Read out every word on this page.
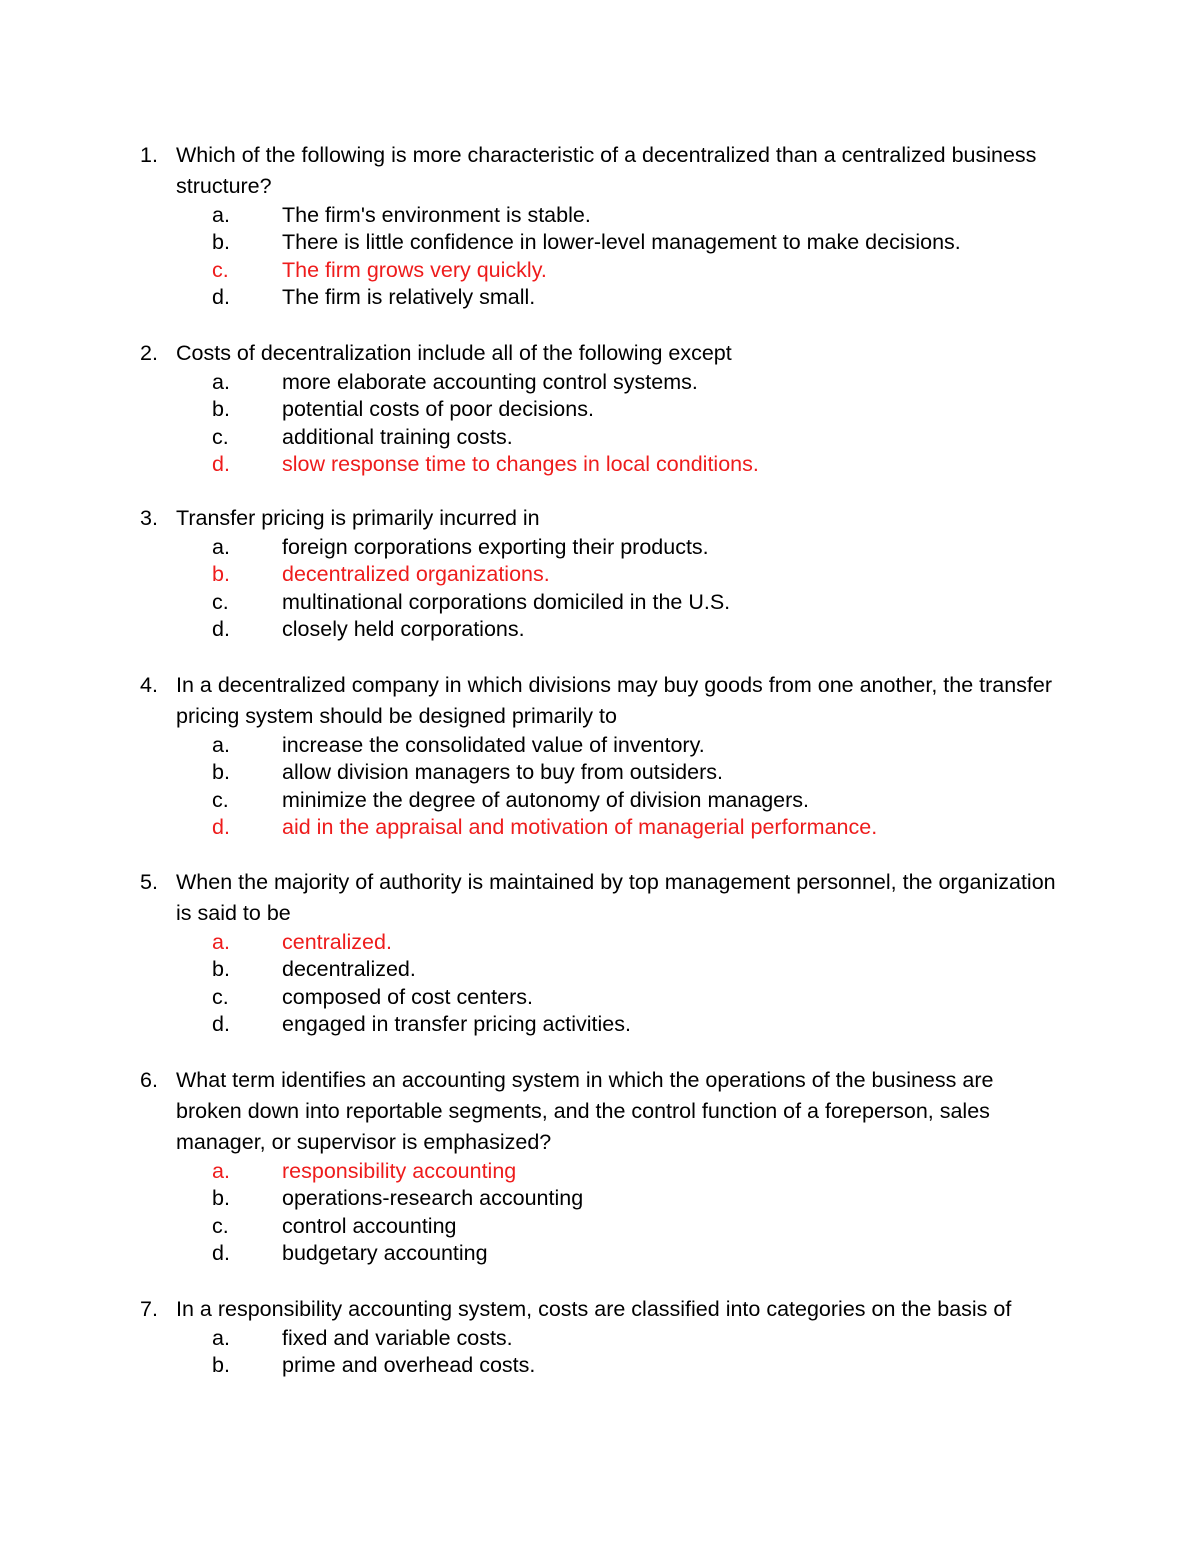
1. Which of the following is more characteristic of a decentralized than a centralized business structure?
a.	The firm's environment is stable.
b.	There is little confidence in lower-level management to make decisions.
c.	The firm grows very quickly.
d.	The firm is relatively small.
2. Costs of decentralization include all of the following except
a.	more elaborate accounting control systems.
b.	potential costs of poor decisions.
c.	additional training costs.
d.	slow response time to changes in local conditions.
3. Transfer pricing is primarily incurred in
a.	foreign corporations exporting their products.
b.	decentralized organizations.
c.	multinational corporations domiciled in the U.S.
d.	closely held corporations.
4. In a decentralized company in which divisions may buy goods from one another, the transfer pricing system should be designed primarily to
a.	increase the consolidated value of inventory.
b.	allow division managers to buy from outsiders.
c.	minimize the degree of autonomy of division managers.
d.	aid in the appraisal and motivation of managerial performance.
5. When the majority of authority is maintained by top management personnel, the organization is said to be
a.	centralized.
b.	decentralized.
c.	composed of cost centers.
d.	engaged in transfer pricing activities.
6. What term identifies an accounting system in which the operations of the business are broken down into reportable segments, and the control function of a foreperson, sales manager, or supervisor is emphasized?
a.	responsibility accounting
b.	operations-research accounting
c.	control accounting
d.	budgetary accounting
7. In a responsibility accounting system, costs are classified into categories on the basis of
a.	fixed and variable costs.
b.	prime and overhead costs.
